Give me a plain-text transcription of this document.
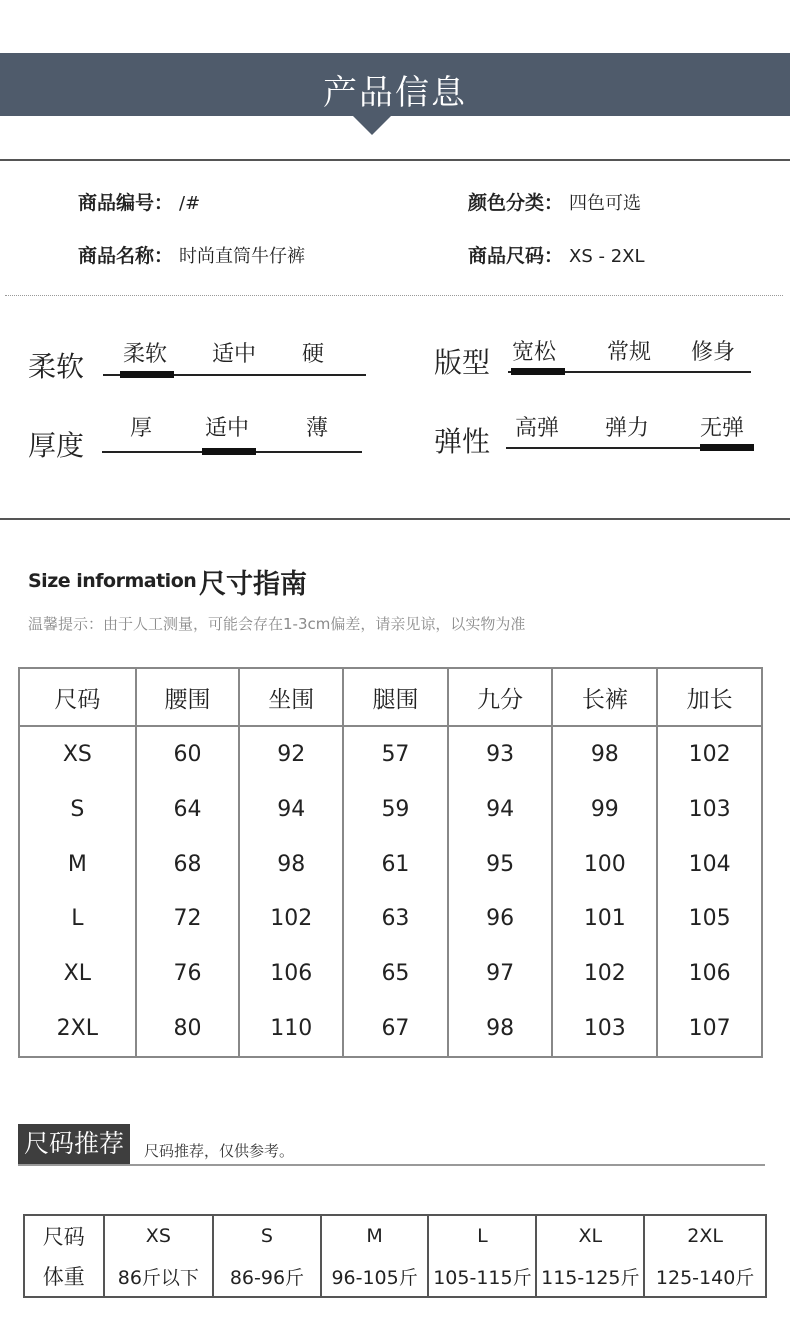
产品信息
商品编号： /#	颜色分类： 四色可选
商品名称： 时尚直筒牛仔裤	商品尺码： XS - 2XL
柔软 柔软 适中 硬	版型 宽松 常规 修身
厚度
厚 适中	薄	弹性 高弹 弹力 无弹
Size information 尺寸指南
温馨提示：由于人工测量，可能会存在1-3cm偏差，请亲见谅，以实物为准
尺码	腰围	坐围	腿围	九分	长裤	加长
XS	60	92	57	93	98	102
S	64	94	59	94	99	103
M	68	98	61	95	100	104
L	72	102	63	96	101	105
XL	76	106	65	97	102	106
2XL	80	110	67	98	103	107
尺码推荐	尺码推荐，仅供参考。
尺码	XS	S	M	L	XL	2XL
体重	86斤以下	86-96斤	96-105斤	105-115斤	115-125斤	125-140斤
